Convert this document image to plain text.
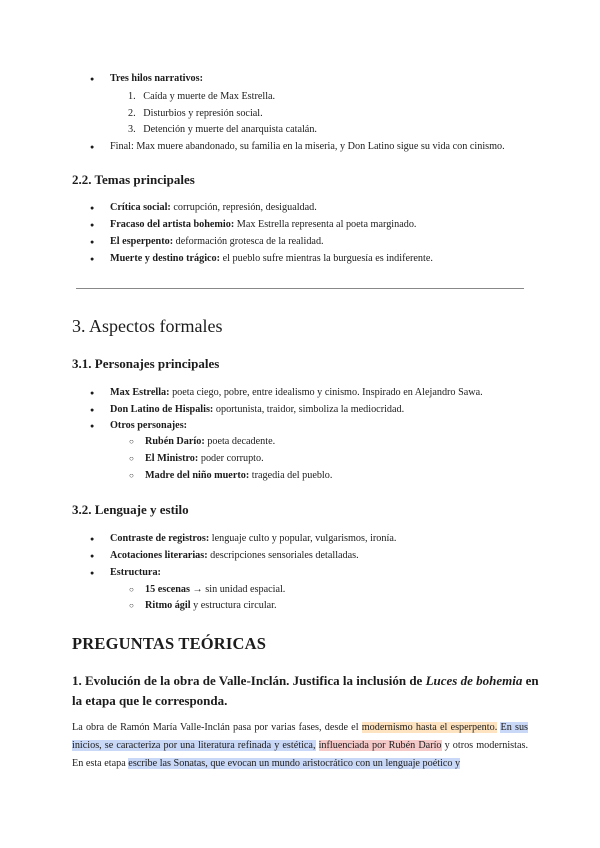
● Tres hilos narrativos:
1.   Caída y muerte de Max Estrella.
2.   Disturbios y represión social.
3.   Detención y muerte del anarquista catalán.
● Final: Max muere abandonado, su familia en la miseria, y Don Latino sigue su vida con cinismo.
2.2. Temas principales
● Crítica social: corrupción, represión, desigualdad.
● Fracaso del artista bohemio: Max Estrella representa al poeta marginado.
● El esperpento: deformación grotesca de la realidad.
● Muerte y destino trágico: el pueblo sufre mientras la burguesía es indiferente.
3. Aspectos formales
3.1. Personajes principales
● Max Estrella: poeta ciego, pobre, entre idealismo y cinismo. Inspirado en Alejandro Sawa.
● Don Latino de Hispalis: oportunista, traidor, simboliza la mediocridad.
● Otros personajes:
○ Rubén Darío: poeta decadente.
○ El Ministro: poder corrupto.
○ Madre del niño muerto: tragedia del pueblo.
3.2. Lenguaje y estilo
● Contraste de registros: lenguaje culto y popular, vulgarismos, ironía.
● Acotaciones literarias: descripciones sensoriales detalladas.
● Estructura:
○ 15 escenas → sin unidad espacial.
○ Ritmo ágil y estructura circular.
PREGUNTAS TEÓRICAS
1. Evolución de la obra de Valle-Inclán. Justifica la inclusión de Luces de bohemia en
la etapa que le corresponda.
La obra de Ramón María Valle-Inclán pasa por varias fases, desde el modernismo hasta el esperpento. En sus inicios, se caracteriza por una literatura refinada y estética, influenciada por Rubén Darío y otros modernistas. En esta etapa escribe las Sonatas, que evocan un mundo aristocrático con un lenguaje poético y
